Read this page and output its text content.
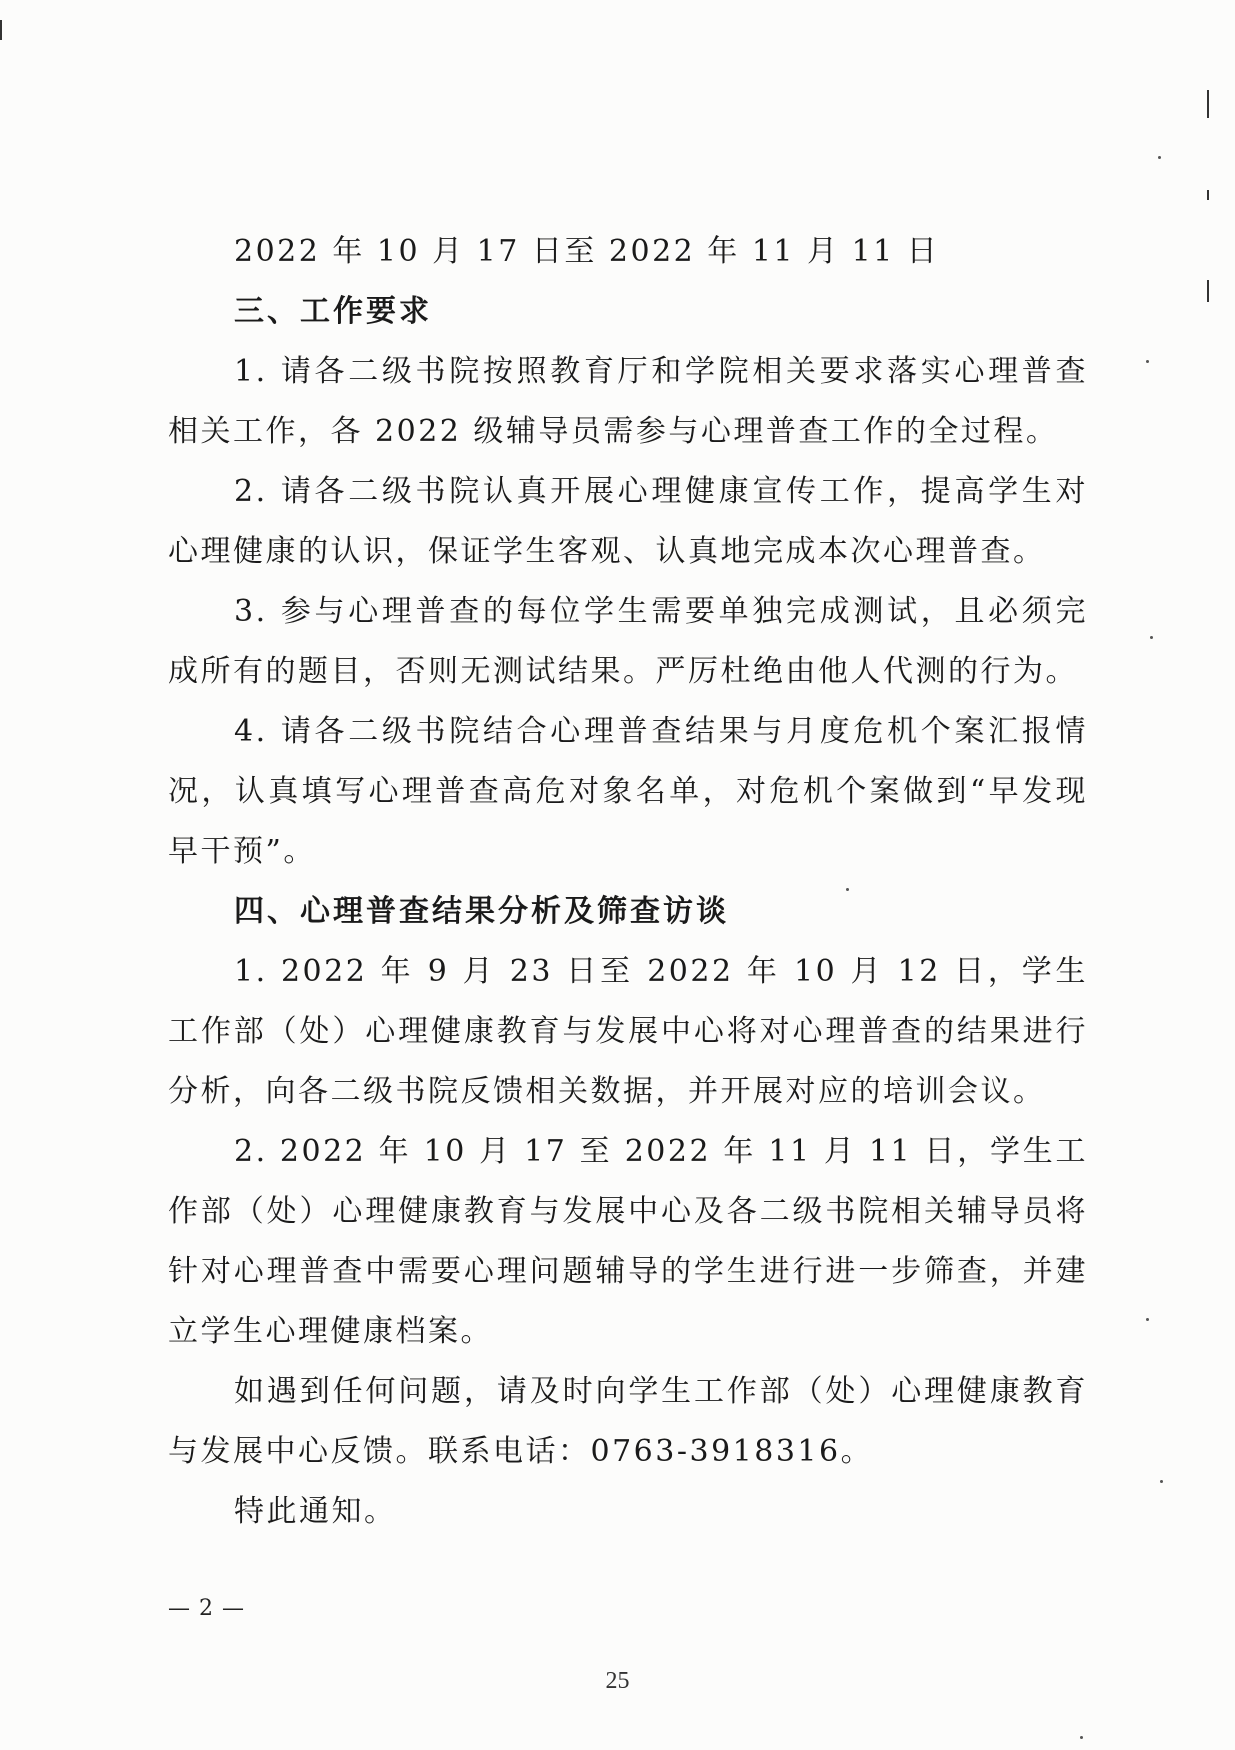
2022 年 10 月 17 日至 2022 年 11 月 11 日

三、工作要求

1. 请各二级书院按照教育厅和学院相关要求落实心理普查相关工作，各 2022 级辅导员需参与心理普查工作的全过程。

2. 请各二级书院认真开展心理健康宣传工作，提高学生对心理健康的认识，保证学生客观、认真地完成本次心理普查。

3. 参与心理普查的每位学生需要单独完成测试，且必须完成所有的题目，否则无测试结果。严厉杜绝由他人代测的行为。

4. 请各二级书院结合心理普查结果与月度危机个案汇报情况，认真填写心理普查高危对象名单，对危机个案做到“早发现早干预”。

四、心理普查结果分析及筛查访谈

1. 2022 年 9 月 23 日至 2022 年 10 月 12 日，学生工作部（处）心理健康教育与发展中心将对心理普查的结果进行分析，向各二级书院反馈相关数据，并开展对应的培训会议。

2. 2022 年 10 月 17 至 2022 年 11 月 11 日，学生工作部（处）心理健康教育与发展中心及各二级书院相关辅导员将针对心理普查中需要心理问题辅导的学生进行进一步筛查，并建立学生心理健康档案。

如遇到任何问题，请及时向学生工作部（处）心理健康教育与发展中心反馈。联系电话：0763-3918316。

特此通知。

— 2 —
25
